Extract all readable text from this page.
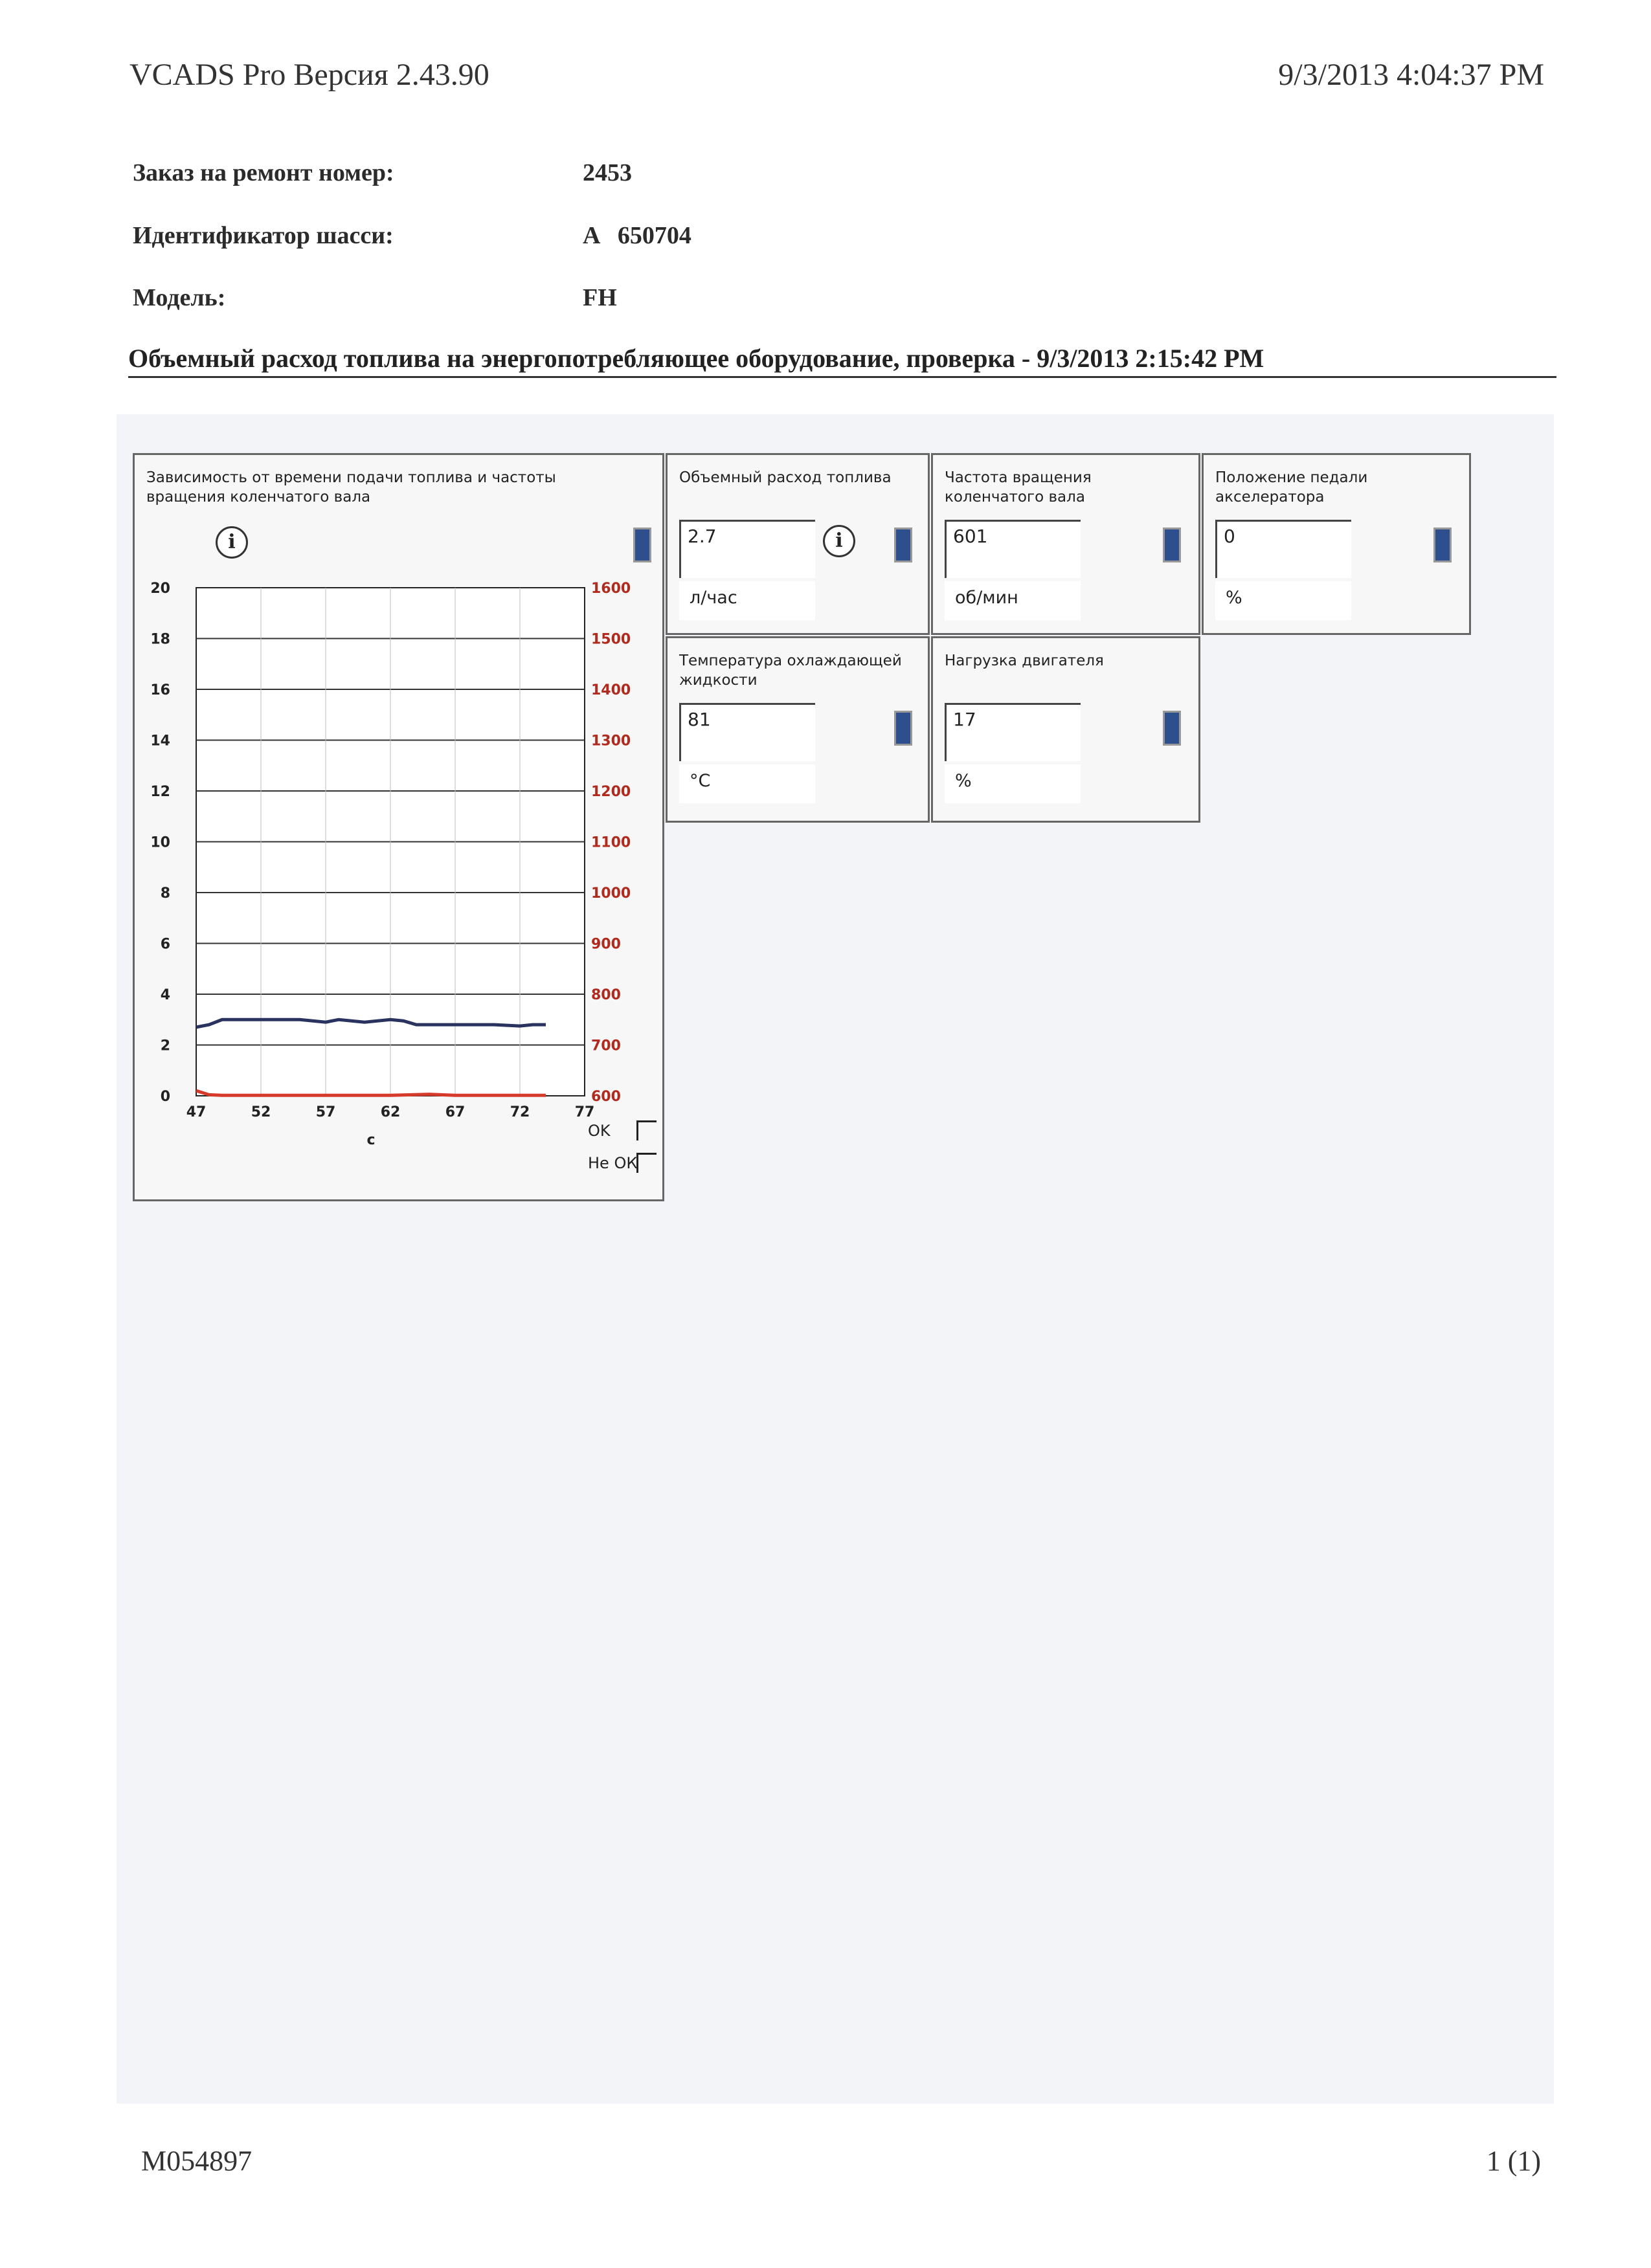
VCADS Pro Версия 2.43.90	9/3/2013 4:04:37 PM
Заказ на ремонт номер:	2453
Идентификатор шасси:	A   650704
Модель:	FH
Объемный расход топлива на энергопотребляющее оборудование, проверка - 9/3/2013 2:15:42 PM
Зависимость от времени подачи топлива и частоты вращения коленчатого вала
i
0
2
4
6
8
10
12
14
16
18
20
600
700
800
900
1000
1100
1200
1300
1400
1500
1600
47	52	57	62	67	72	77
c
OK
Не ОК
Объемный расход топлива
2.7	i
л/час
Частота вращения коленчатого вала
601
об/мин
Положение педали акселератора
0
%
Температура охлаждающей жидкости
81
°C
Нагрузка двигателя
17
%
M054897	1 (1)
